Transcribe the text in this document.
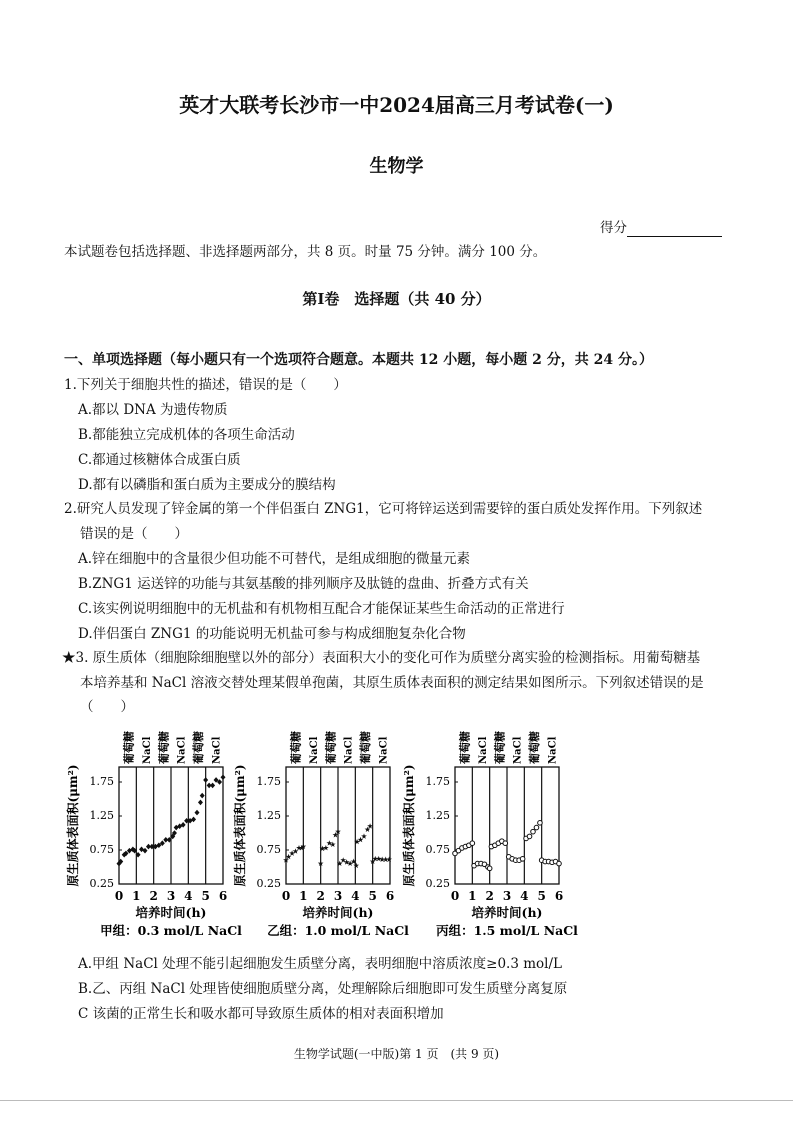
英才大联考长沙市一中2024届高三月考试卷(一)
生物学
得分
本试题卷包括选择题、非选择题两部分，共 8 页。时量 75 分钟。满分 100 分。
第Ⅰ卷　选择题（共 40 分）
一、单项选择题（每小题只有一个选项符合题意。本题共 12 小题，每小题 2 分，共 24 分。）
1.下列关于细胞共性的描述，错误的是（　　）
A.都以 DNA 为遗传物质
B.都能独立完成机体的各项生命活动
C.都通过核糖体合成蛋白质
D.都有以磷脂和蛋白质为主要成分的膜结构
2.研究人员发现了锌金属的第一个伴侣蛋白 ZNG1，它可将锌运送到需要锌的蛋白质处发挥作用。下列叙述
错误的是（　　）
A.锌在细胞中的含量很少但功能不可替代，是组成细胞的微量元素
B.ZNG1 运送锌的功能与其氨基酸的排列顺序及肽链的盘曲、折叠方式有关
C.该实例说明细胞中的无机盐和有机物相互配合才能保证某些生命活动的正常进行
D.伴侣蛋白 ZNG1 的功能说明无机盐可参与构成细胞复杂化合物
★3. 原生质体（细胞除细胞壁以外的部分）表面积大小的变化可作为质壁分离实验的检测指标。用葡萄糖基
本培养基和 NaCl 溶液交替处理某假单孢菌，其原生质体表面积的测定结果如图所示。下列叙述错误的是
（　　）
A.甲组 NaCl 处理不能引起细胞发生质壁分离，表明细胞中溶质浓度≥0.3 mol/L
B.乙、丙组 NaCl 处理皆使细胞质壁分离，处理解除后细胞即可发生质壁分离复原
C 该菌的正常生长和吸水都可导致原生质体的相对表面积增加
0.25
0.75
1.25
1.75
0 1 2 3 4 5 6
葡萄糖 NaCl 葡萄糖 NaCl 葡萄糖 NaCl
原生质体表面积(μm²)
培养时间(h)
甲组：0.3 mol/L NaCl
0.25
0.75
1.25
1.75
0 1 2 3 4 5 6
葡萄糖 NaCl 葡萄糖 NaCl 葡萄糖 NaCl
原生质体表面积(μm²)
培养时间(h)
乙组：1.0 mol/L NaCl
0.25
0.75
1.25
1.75
0 1 2 3 4 5 6
葡萄糖 NaCl 葡萄糖 NaCl 葡萄糖 NaCl
原生质体表面积(μm²)
培养时间(h)
丙组：1.5 mol/L NaCl
生物学试题(一中版)第 1 页　(共 9 页)
